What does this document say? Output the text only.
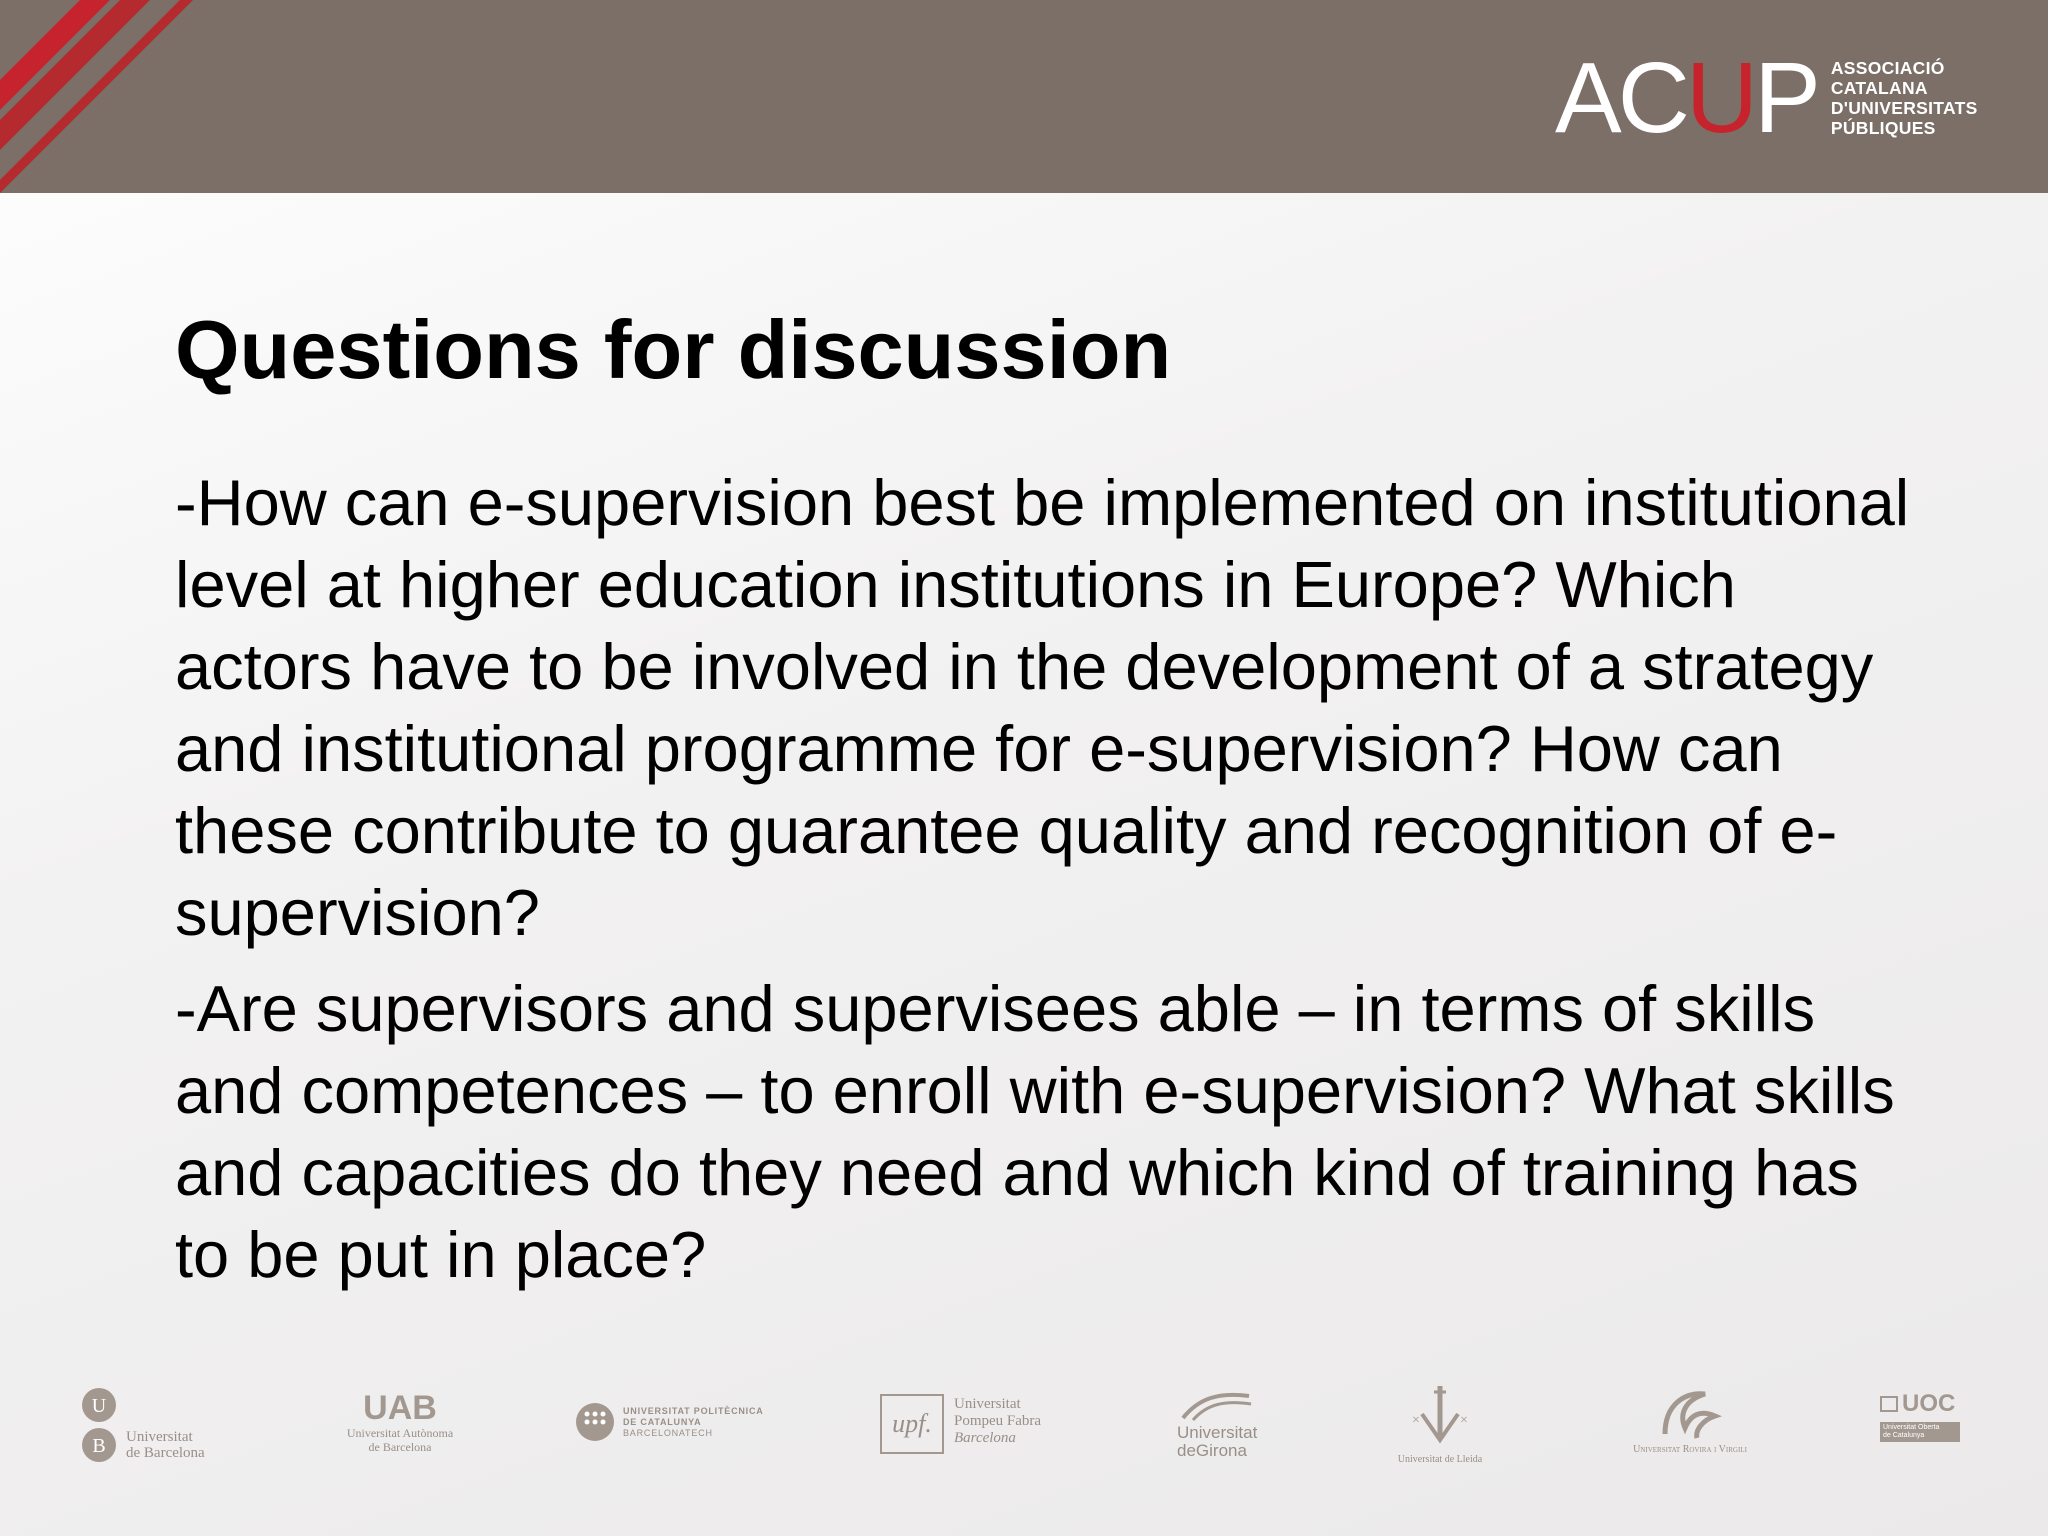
AC U P ASSOCIACIÓ
CATALANA
D'UNIVERSITATS
PÚBLIQUES
Questions for discussion

-How can e-supervision best be implemented on institutional level at higher education institutions in Europe? Which actors have to be involved in the development of a strategy and institutional programme for e-supervision? How can these contribute to guarantee quality and recognition of e-supervision?

-Are supervisors and supervisees able – in terms of skills and competences – to enroll with e-supervision? What skills and capacities do they need and which kind of training has to be put in place?

U
B Universitat
de Barcelona
UAB
Universitat Autònoma
de Barcelona
UNIVERSITAT POLITÈCNICA
DE CATALUNYA
BARCELONATECH	upf.
Universitat
Pompeu Fabra
Barcelona	Universitat
deGirona
×	×
Universitat de Lleida
Universitat Rovira i Virgili
UOC
Universitat Oberta
de Catalunya
